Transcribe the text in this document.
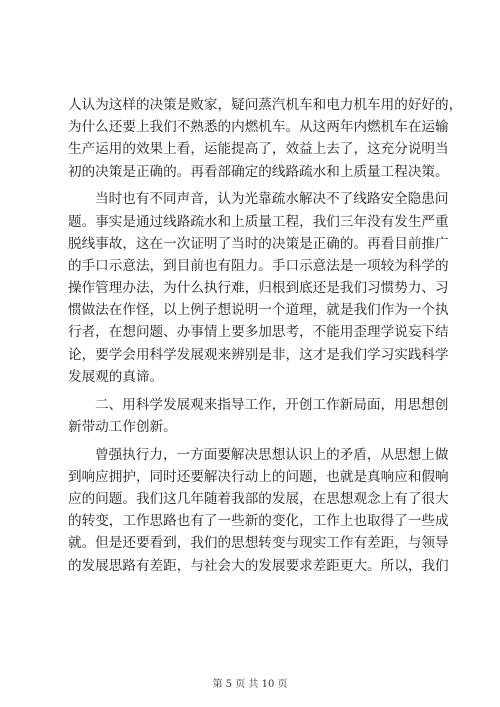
人认为这样的决策是败家，疑问蒸汽机车和电力机车用的好好的，
为什么还要上我们不熟悉的内燃机车。从这两年内燃机车在运输
生产运用的效果上看，运能提高了，效益上去了，这充分说明当
初的决策是正确的。再看部确定的线路疏水和上质量工程决策。
当时也有不同声音，认为光靠疏水解决不了线路安全隐患问
题。事实是通过线路疏水和上质量工程，我们三年没有发生严重
脱线事故，这在一次证明了当时的决策是正确的。再看目前推广
的手口示意法，到目前也有阻力。手口示意法是一项较为科学的
操作管理办法，为什么执行难，归根到底还是我们习惯势力、习
惯做法在作怪，以上例子想说明一个道理，就是我们作为一个执
行者，在想问题、办事情上要多加思考，不能用歪理学说妄下结
论，要学会用科学发展观来辨别是非，这才是我们学习实践科学
发展观的真谛。
二、用科学发展观来指导工作，开创工作新局面，用思想创
新带动工作创新。
曾强执行力，一方面要解决思想认识上的矛盾，从思想上做
到响应拥护，同时还要解决行动上的问题，也就是真响应和假响
应的问题。我们这几年随着我部的发展，在思想观念上有了很大
的转变，工作思路也有了一些新的变化，工作上也取得了一些成
就。但是还要看到，我们的思想转变与现实工作有差距，与领导
的发展思路有差距，与社会大的发展要求差距更大。所以，我们
第 5 页 共 10 页
